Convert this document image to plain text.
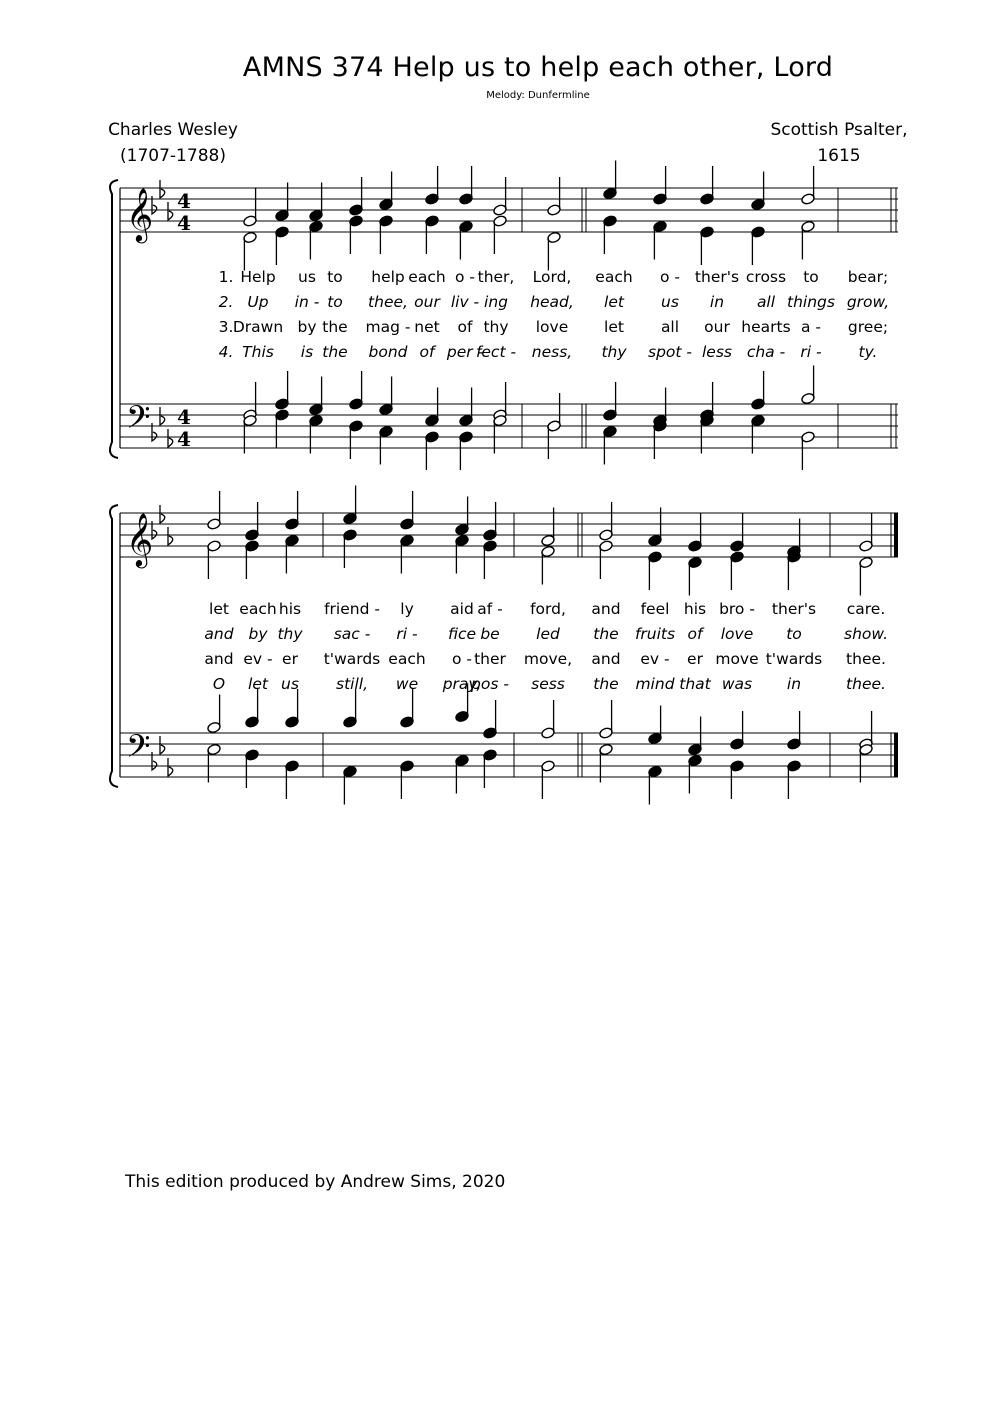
AMNS 374 Help us to help each other, Lord
Melody: Dunfermline
Charles Wesley
(1707-1788)
Scottish Psalter,
1615
𝄞
𝄢
4
4
4
4
𝄞
𝄢
1. Help us to help each o - ther, Lord, each o - ther's cross to bear;
2. Up in - to thee, our liv - ing head, let us in all things grow,
3. Drawn by the mag - net of thy love let all our hearts a - gree;
4. This is the bond of per -
fect - ness, thy spot - less cha - ri - ty.
let each his friend - ly aid af - ford, and feel his bro - ther's care.
and by thy sac - ri - fice be led the fruits of love to	show.
and ev - er t'wards each o - ther move, and ev - er move t'wards thee.
O let us still, we pray,
pos - sess the mind that was in	thee.
This edition produced by Andrew Sims, 2020
